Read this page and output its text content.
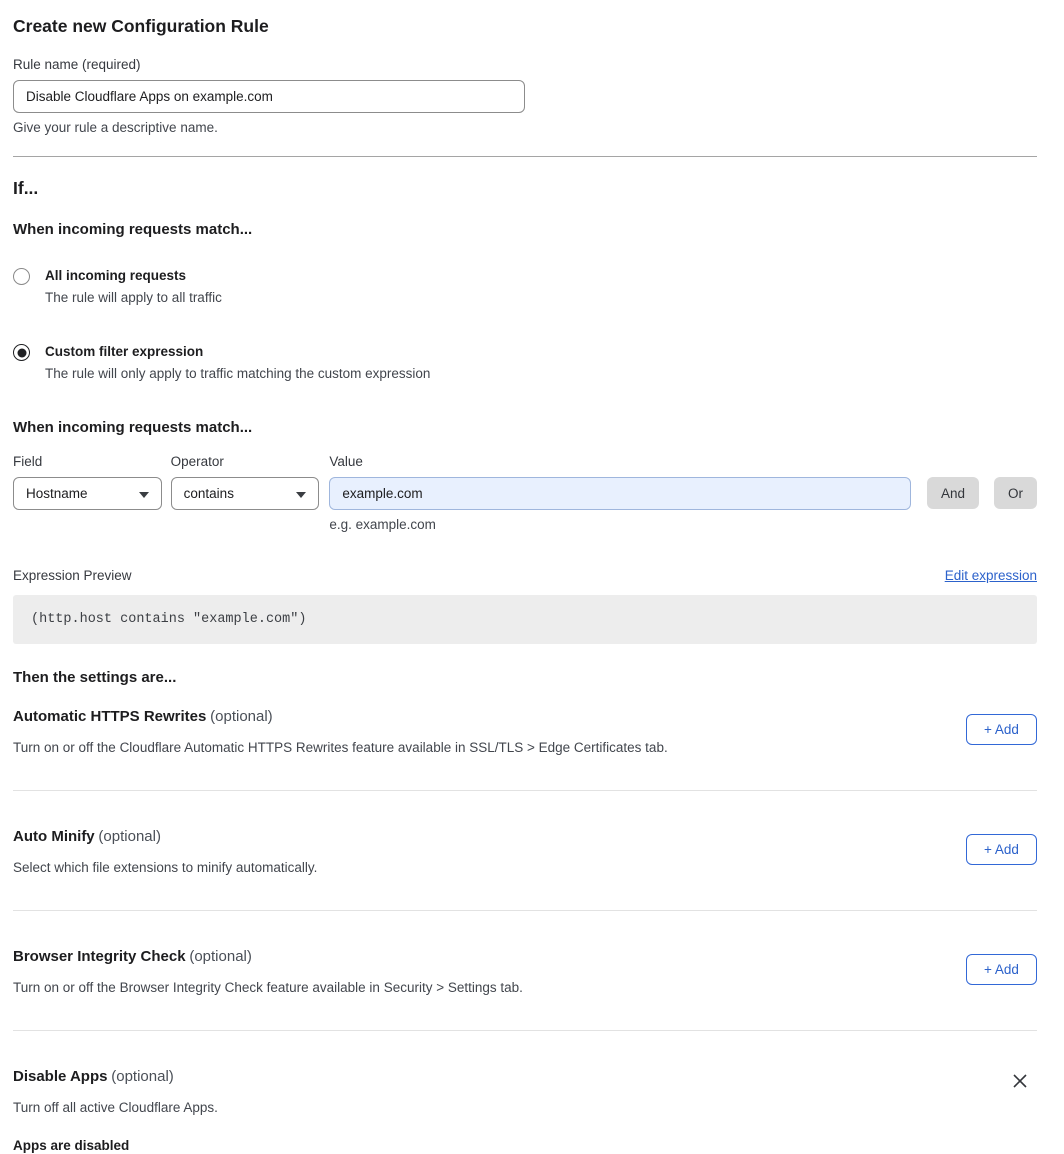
Create new Configuration Rule
Rule name (required)
Disable Cloudflare Apps on example.com
Give your rule a descriptive name.
If...
When incoming requests match...
All incoming requests
The rule will apply to all traffic
Custom filter expression
The rule will only apply to traffic matching the custom expression
When incoming requests match...
Field
Hostname
Operator
contains
Value
example.com
e.g. example.com
And	Or
Expression Preview	Edit expression
(http.host contains "example.com")
Then the settings are...
Automatic HTTPS Rewrites (optional)
Turn on or off the Cloudflare Automatic HTTPS Rewrites feature available in SSL/TLS > Edge Certificates tab.
+ Add
Auto Minify (optional)
Select which file extensions to minify automatically.
+ Add
Browser Integrity Check (optional)
Turn on or off the Browser Integrity Check feature available in Security > Settings tab.
+ Add
Disable Apps (optional)
Turn off all active Cloudflare Apps.
Apps are disabled
